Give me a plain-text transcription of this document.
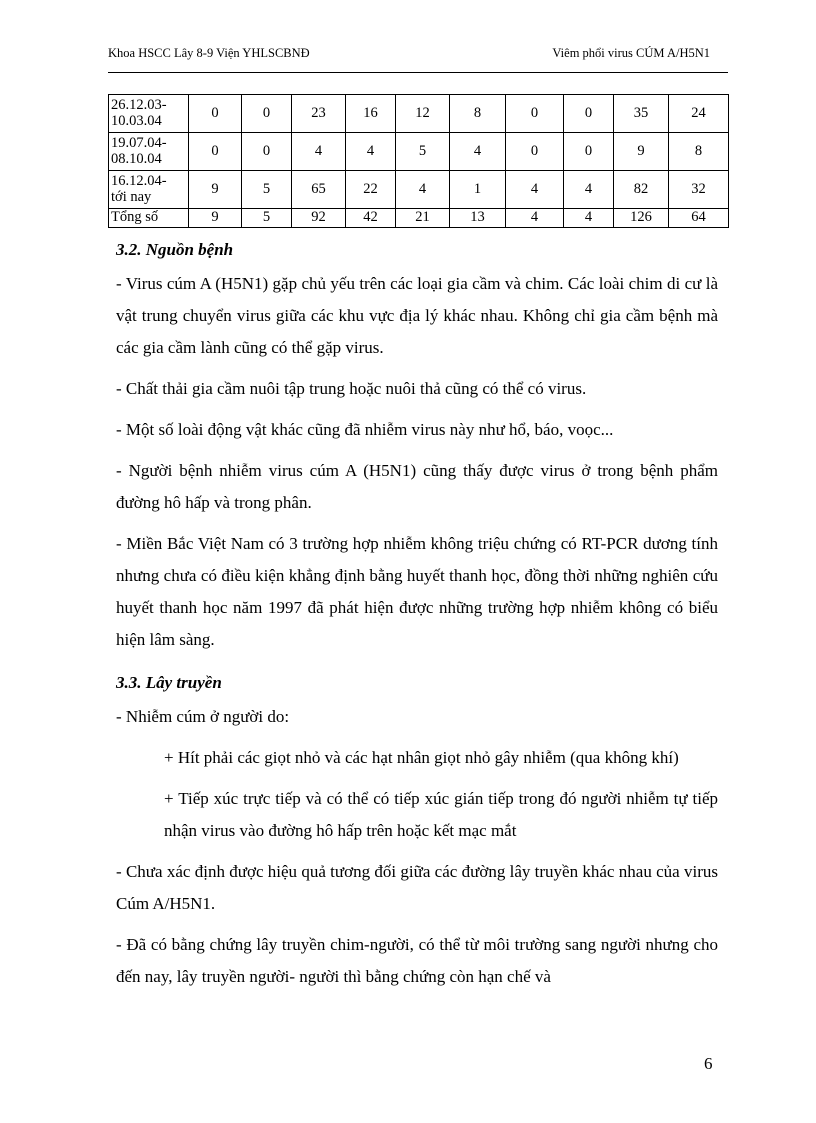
Khoa HSCC Lây 8-9 Viện YHLSCBNĐ	Viêm phổi virus CÚM A/H5N1
26.12.03-
10.03.04	0	0	23	16	12	8	0	0	35	24

19.07.04-
08.10.04	0	0	4	4	5	4	0	0	9	8

16.12.04-
tới nay	9	5	65	22	4	1	4	4	82	32
Tổng số	9	5	92	42	21	13	4	4	126	64
3.2. Nguồn bệnh

- Virus cúm A (H5N1) gặp chủ yếu trên các loại gia cầm và chim. Các loài chim di cư là vật trung chuyển virus giữa các khu vực địa lý khác nhau. Không chỉ gia cầm bệnh mà các gia cầm lành cũng có thể gặp virus.

- Chất thải gia cầm nuôi tập trung hoặc nuôi thả cũng có thể có virus.

- Một số loài động vật khác cũng đã nhiễm virus này như hổ, báo, voọc...

- Người bệnh nhiễm virus cúm A (H5N1) cũng thấy được virus ở trong bệnh phẩm đường hô hấp và trong phân.

- Miền Bắc Việt Nam có 3 trường hợp nhiễm không triệu chứng có RT-PCR dương tính nhưng chưa có điều kiện khẳng định bằng huyết thanh học, đồng thời những nghiên cứu huyết thanh học năm 1997 đã phát hiện được những trường hợp nhiễm không có biểu hiện lâm sàng.

3.3. Lây truyền

- Nhiễm cúm ở người do:

+ Hít phải các giọt nhỏ và các hạt nhân giọt nhỏ gây nhiễm (qua không khí)

+ Tiếp xúc trực tiếp và có thể có tiếp xúc gián tiếp trong đó người nhiễm tự tiếp nhận virus vào đường hô hấp trên hoặc kết mạc mắt

- Chưa xác định được hiệu quả tương đối giữa các đường lây truyền khác nhau của virus Cúm A/H5N1.

- Đã có bằng chứng lây truyền chim-người, có thể từ môi trường sang người nhưng cho đến nay, lây truyền người- người thì bằng chứng còn hạn chế và

6
